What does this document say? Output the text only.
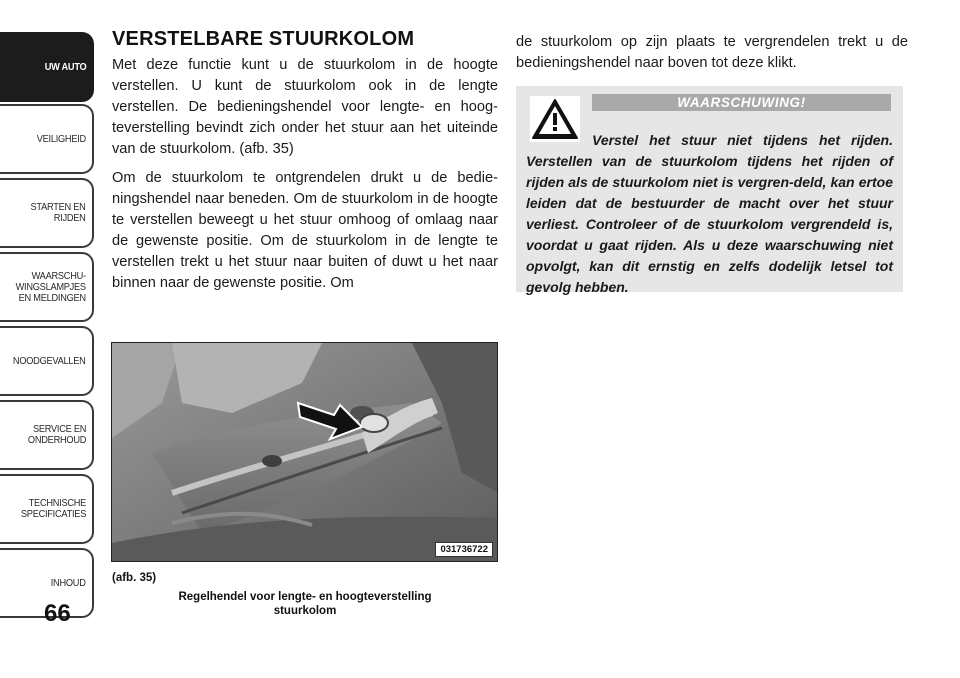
UW AUTO
VEILIGHEID
STARTEN EN
RIJDEN
WAARSCHU-
WINGSLAMPJES
EN MELDINGEN
NOODGEVALLEN
SERVICE EN
ONDERHOUD
TECHNISCHE
SPECIFICATIES
INHOUD
66
VERSTELBARE STUURKOLOM

Met deze functie kunt u de stuurkolom in de hoogte verstellen. U kunt de stuurkolom ook in de lengte verstellen. De bedieningshendel voor lengte- en hoog-teverstelling bevindt zich onder het stuur aan het uiteinde van de stuurkolom. (afb. 35)

Om de stuurkolom te ontgrendelen drukt u de bedie-ningshendel naar beneden. Om de stuurkolom in de hoogte te verstellen beweegt u het stuur omhoog of omlaag naar de gewenste positie. Om de stuurkolom in de lengte te verstellen trekt u het stuur naar buiten of duwt u het naar binnen naar de gewenste positie. Om

031736722
(afb. 35)
Regelhendel voor lengte- en hoogteverstelling
stuurkolom

de stuurkolom op zijn plaats te vergrendelen trekt u de bedieningshendel naar boven tot deze klikt.

WAARSCHUWING!

Verstel het stuur niet tijdens het rijden. Verstellen van de stuurkolom tijdens het rijden of rijden als de stuurkolom niet is vergren-deld, kan ertoe leiden dat de bestuurder de macht over het stuur verliest. Controleer of de stuurkolom vergrendeld is, voordat u gaat rijden. Als u deze waarschuwing niet opvolgt, kan dit ernstig en zelfs dodelijk letsel tot gevolg hebben.
